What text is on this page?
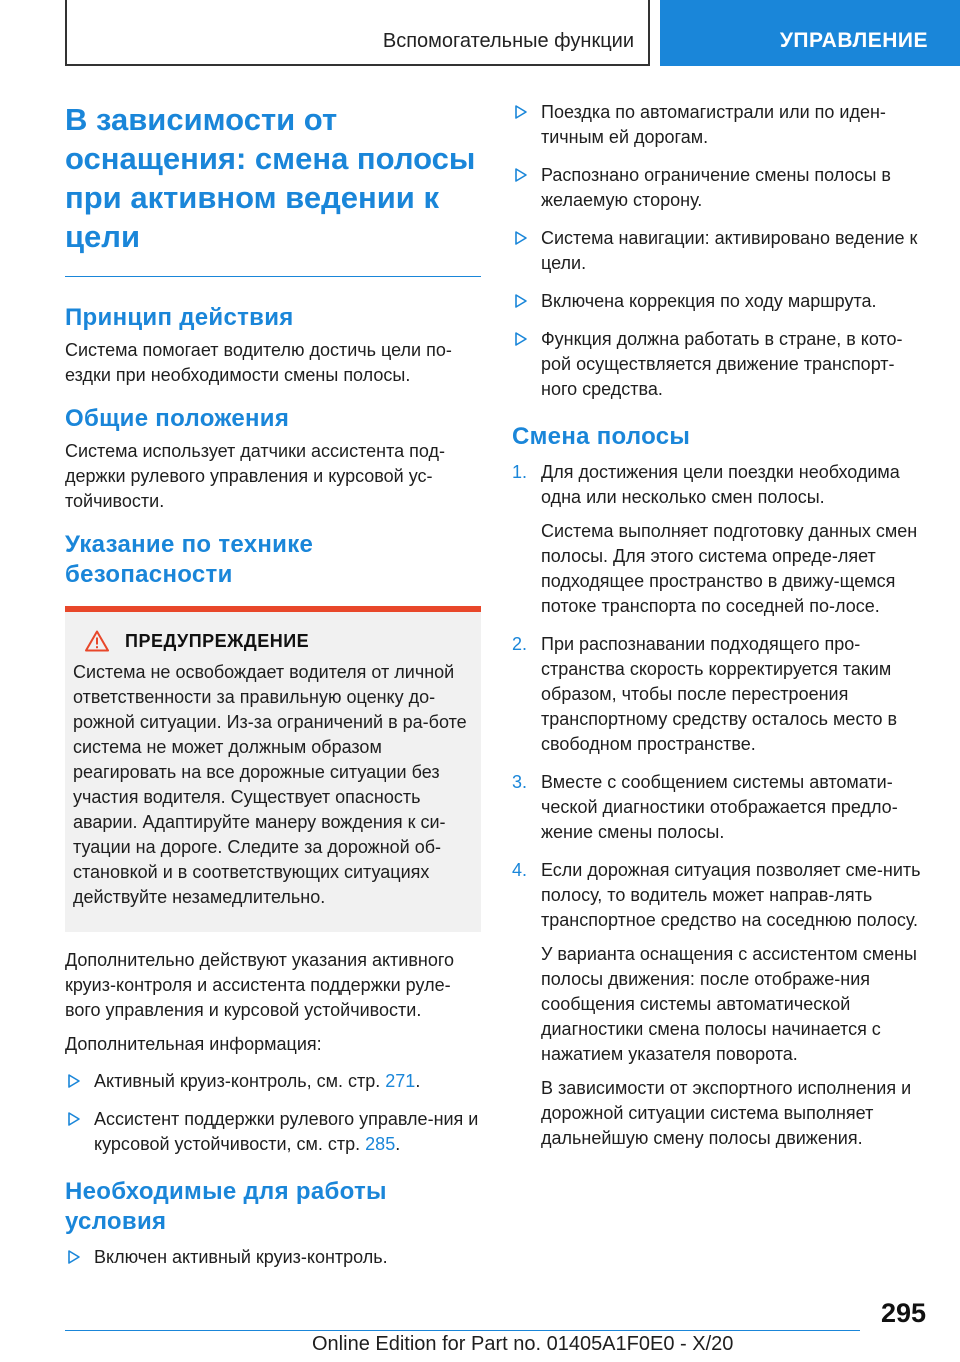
Вспомогательные функции	УПРАВЛЕНИЕ
В зависимости от оснащения: смена полосы при активном ведении к цели
Принцип действия

Система помогает водителю достичь цели по-ездки при необходимости смены полосы.

Общие положения

Система использует датчики ассистента под-держки рулевого управления и курсовой ус-тойчивости.

Указание по технике безопасности
ПРЕДУПРЕЖДЕНИЕ

Система не освобождает водителя от личной ответственности за правильную оценку до-рожной ситуации. Из-за ограничений в ра-боте система не может должным образом реагировать на все дорожные ситуации без участия водителя. Существует опасность аварии. Адаптируйте манеру вождения к си-туации на дороге. Следите за дорожной об-становкой и в соответствующих ситуациях действуйте незамедлительно.

Дополнительно действуют указания активного круиз-контроля и ассистента поддержки руле-вого управления и курсовой устойчивости.

Дополнительная информация:

Активный круиз-контроль, см. стр. 271.
Ассистент поддержки рулевого управле-ния и курсовой устойчивости, см. стр. 285.
Необходимые для работы условия
Включен активный круиз-контроль.
Поездка по автомагистрали или по иден-тичным ей дорогам.
Распознано ограничение смены полосы в желаемую сторону.
Система навигации: активировано ведение к цели.
Включена коррекция по ходу маршрута.
Функция должна работать в стране, в кото-рой осуществляется движение транспорт-ного средства.
Смена полосы
1. Для достижения цели поездки необходима одна или несколько смен полосы.

Система выполняет подготовку данных смен полосы. Для этого система опреде-ляет подходящее пространство в движу-щемся потоке транспорта по соседней по-лосе.

2. При распознавании подходящего про-странства скорость корректируется таким образом, чтобы после перестроения транспортному средству осталось место в свободном пространстве.

3. Вместе с сообщением системы автомати-ческой диагностики отображается предло-жение смены полосы.

4. Если дорожная ситуация позволяет сме-нить полосу, то водитель может направ-лять транспортное средство на соседнюю полосу.

У варианта оснащения с ассистентом смены полосы движения: после отображе-ния сообщения системы автоматической диагностики смена полосы начинается с нажатием указателя поворота.

В зависимости от экспортного исполнения и дорожной ситуации система выполняет дальнейшую смену полосы движения.

295
Online Edition for Part no. 01405A1F0E0 - X/20
